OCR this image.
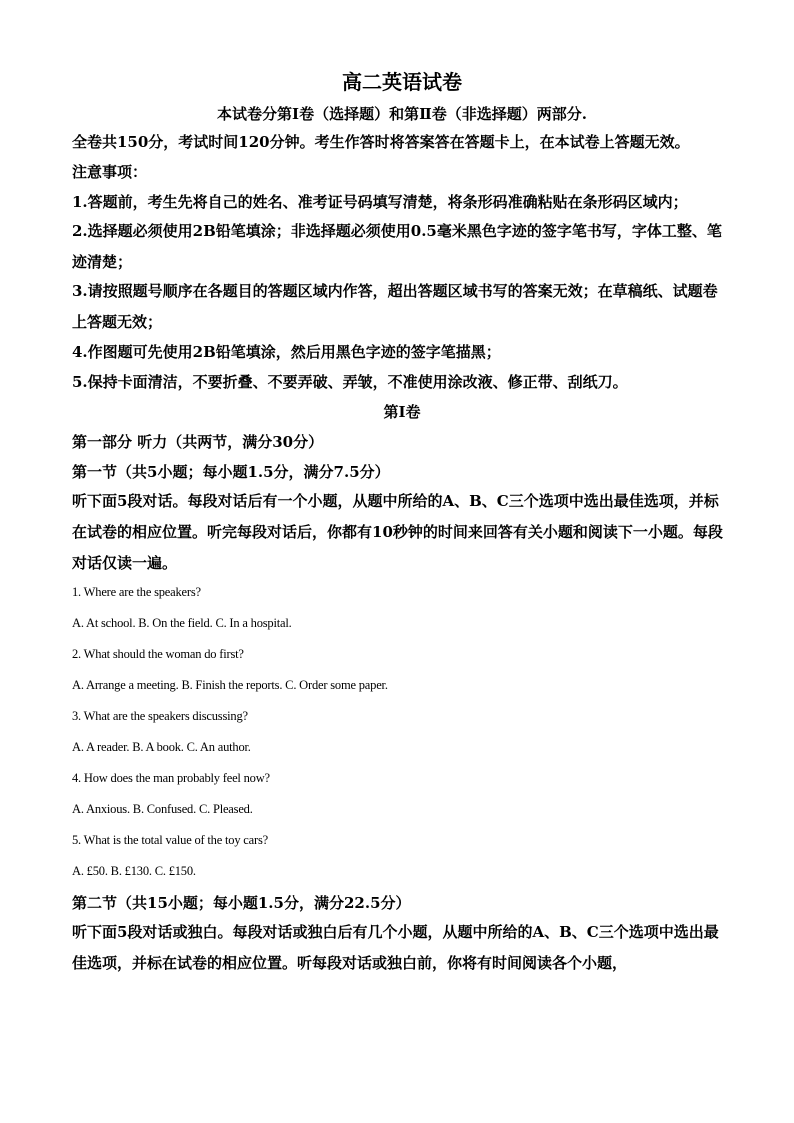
高二英语试卷
本试卷分第Ⅰ卷（选择题）和第Ⅱ卷（非选择题）两部分.
全卷共150分，考试时间120分钟。考生作答时将答案答在答题卡上，在本试卷上答题无效。
注意事项：
1.答题前，考生先将自己的姓名、准考证号码填写清楚，将条形码准确粘贴在条形码区域内；
2.选择题必须使用2B铅笔填涂；非选择题必须使用0.5毫米黑色字迹的签字笔书写，字体工整、笔迹清楚；
3.请按照题号顺序在各题目的答题区域内作答，超出答题区域书写的答案无效；在草稿纸、试题卷上答题无效；
4.作图题可先使用2B铅笔填涂，然后用黑色字迹的签字笔描黑；
5.保持卡面清洁，不要折叠、不要弄破、弄皱，不准使用涂改液、修正带、刮纸刀。
第Ⅰ卷
第一部分 听力（共两节，满分30分）
第一节（共5小题；每小题1.5分，满分7.5分）
听下面5段对话。每段对话后有一个小题，从题中所给的A、B、C三个选项中选出最佳选项，并标在试卷的相应位置。听完每段对话后，你都有10秒钟的时间来回答有关小题和阅读下一小题。每段对话仅读一遍。
1. Where are the speakers?
A. At school. B. On the field. C. In a hospital.
2. What should the woman do first?
A. Arrange a meeting. B. Finish the reports. C. Order some paper.
3. What are the speakers discussing?
A. A reader. B. A book. C. An author.
4. How does the man probably feel now?
A. Anxious. B. Confused. C. Pleased.
5. What is the total value of the toy cars?
A. £50. B. £130. C. £150.
第二节（共15小题；每小题1.5分，满分22.5分）
听下面5段对话或独白。每段对话或独白后有几个小题，从题中所给的A、B、C三个选项中选出最佳选项，并标在试卷的相应位置。听每段对话或独白前，你将有时间阅读各个小题，
